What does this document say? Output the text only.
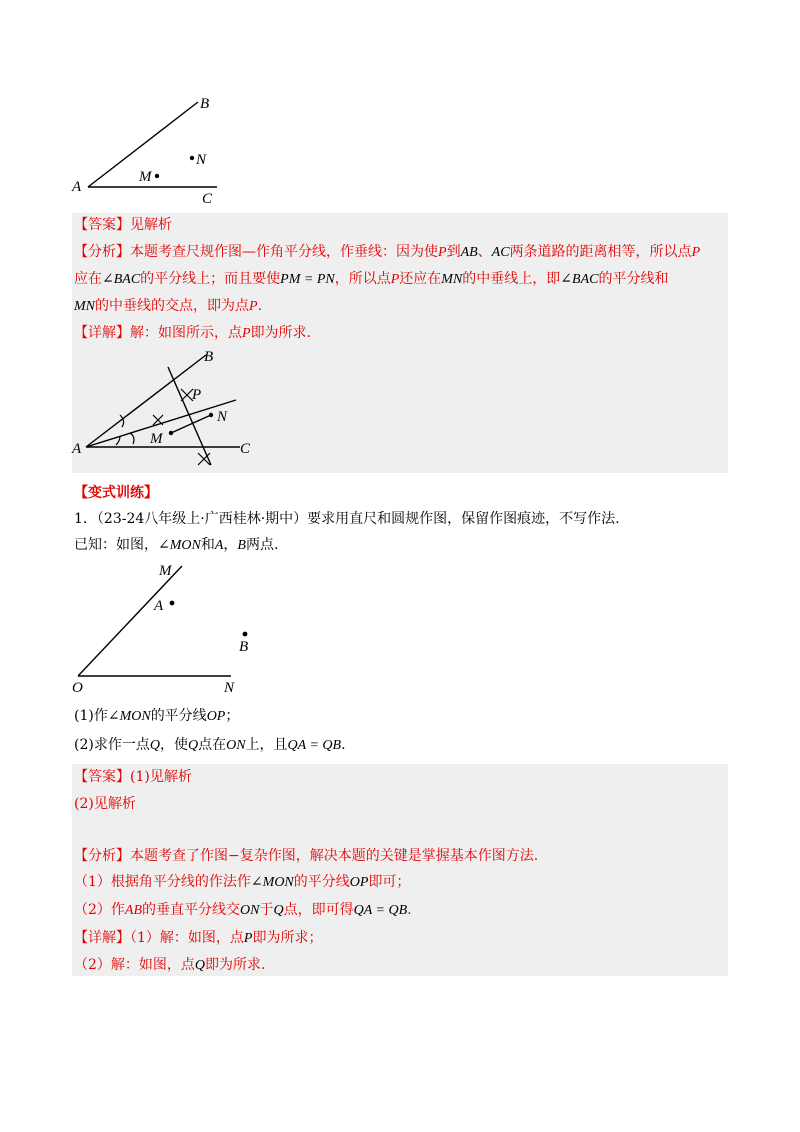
A
B
C
M
N
【答案】见解析
【分析】本题考查尺规作图—作角平分线，作垂线：因为使P到AB、AC两条道路的距离相等，所以点P
应在∠BAC的平分线上；而且要使PM = PN，所以点P还应在MN的中垂线上，即∠BAC的平分线和
MN的中垂线的交点，即为点P.
【详解】解：如图所示，点P即为所求.
A
B
C
M
N
P
【变式训练】
1．（23-24八年级上·广西桂林·期中）要求用直尺和圆规作图，保留作图痕迹，不写作法.
已知：如图，∠MON和A，B两点.
M
A
B
O	N
(1)作∠MON的平分线OP；
(2)求作一点Q，使Q点在ON上，且QA = QB.
【答案】(1)见解析
(2)见解析
【分析】本题考查了作图−复杂作图，解决本题的关键是掌握基本作图方法.
（1）根据角平分线的作法作∠MON的平分线OP即可；
（2）作AB的垂直平分线交ON于Q点，即可得QA = QB.
【详解】（1）解：如图，点P即为所求；
（2）解：如图，点Q即为所求.
